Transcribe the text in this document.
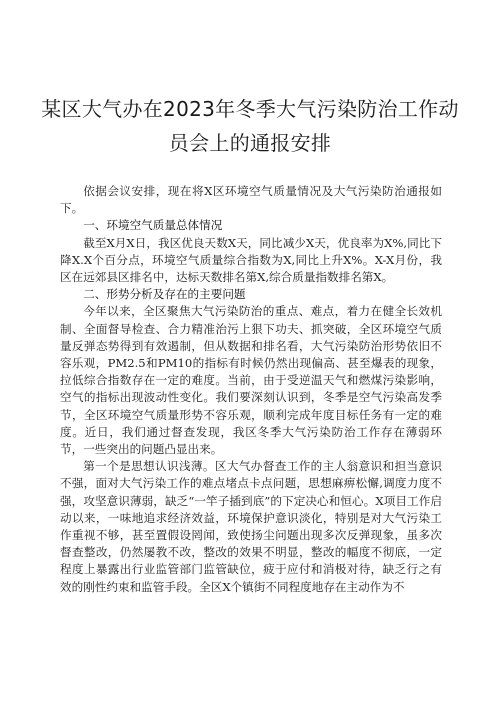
某区大气办在2023年冬季大气污染防治工作动
员会上的通报安排

依据会议安排，现在将X区环境空气质量情况及大气污染防治通报如下。

一、环境空气质量总体情况

截至X月X日，我区优良天数X天，同比减少X天，优良率为X%,同比下降X.X个百分点，环境空气质量综合指数为X,同比上升X%。X-X月份，我区在远郊县区排名中，达标天数排名第X,综合质量指数排名第X。

二、形势分析及存在的主要问题

今年以来，全区聚焦大气污染防治的重点、难点，着力在健全长效机制、全面督导检查、合力精准治污上狠下功夫、抓突破，全区环境空气质量反弹态势得到有效遏制，但从数据和排名看，大气污染防治形势依旧不容乐观，PM2.5和PM10的指标有时候仍然出现偏高、甚至爆表的现象，拉低综合指数存在一定的难度。当前，由于受逆温天气和燃煤污染影响，空气的指标出现波动性变化。我们要深刻认识到，冬季是空气污染高发季节，全区环境空气质量形势不容乐观，顺利完成年度目标任务有一定的难度。近日，我们通过督查发现，我区冬季大气污染防治工作存在薄弱环节，一些突出的问题凸显出来。

第一个是思想认识浅薄。区大气办督查工作的主人翁意识和担当意识不强，面对大气污染工作的难点堵点卡点问题，思想麻痹松懈,调度力度不强，攻坚意识薄弱，缺乏“一竿子插到底”的下定决心和恒心。X项目工作启动以来，一味地追求经济效益，环境保护意识淡化，特别是对大气污染工作重视不够，甚至置假设罔闻，致使扬尘问题出现多次反弹现象，虽多次督查整改，仍然屡教不改，整改的效果不明显，整改的幅度不彻底，一定程度上暴露出行业监管部门监管缺位，疲于应付和消极对待，缺乏行之有效的刚性约束和监管手段。全区X个镇街不同程度地存在主动作为不
